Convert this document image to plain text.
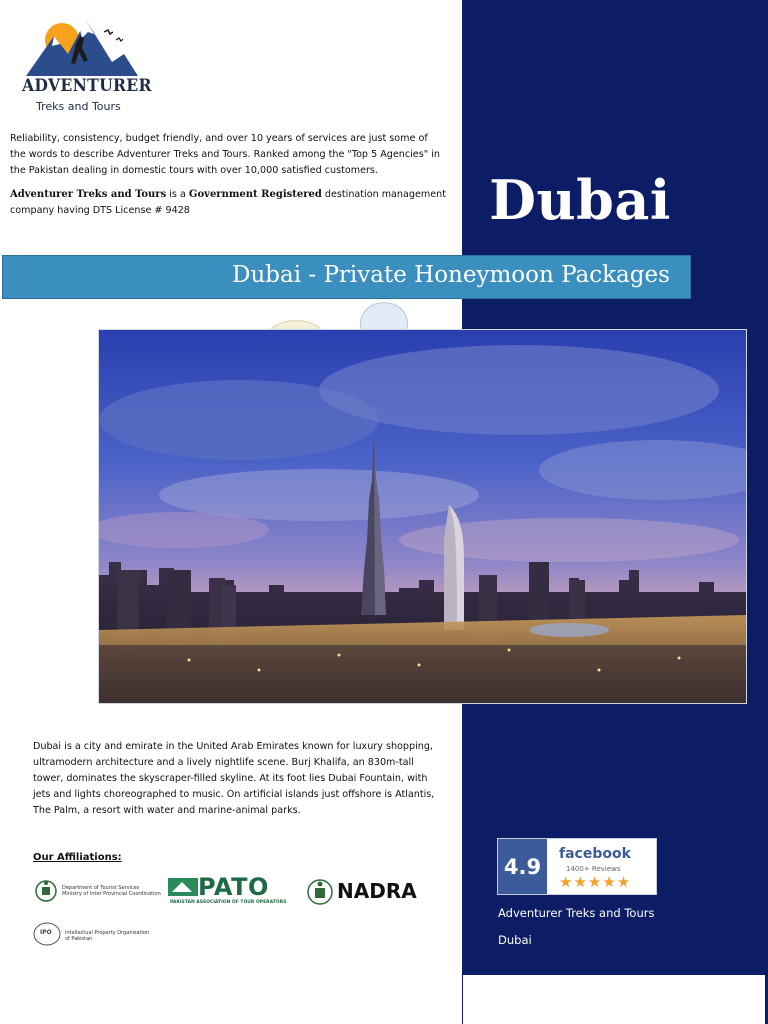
ADVENTURER
Treks and Tours
Reliability, consistency, budget friendly, and over 10 years of services are just some of the words to describe Adventurer Treks and Tours. Ranked among the "Top 5 Agencies" in the Pakistan dealing in domestic tours with over 10,000 satisfied customers.
Adventurer Treks and Tours is a Government Registered destination management company having DTS License # 9428	Dubai
Dubai - Private Honeymoon Packages
Dubai is a city and emirate in the United Arab Emirates known for luxury shopping, ultramodern architecture and a lively nightlife scene. Burj Khalifa, an 830m-tall tower, dominates the skyscraper-filled skyline. At its foot lies Dubai Fountain, with jets and lights choreographed to music. On artificial islands just offshore is Atlantis, The Palm, a resort with water and marine-animal parks.
Our Affiliations:
Department of Tourist Services
Ministry of Inter Provincial Coordination PATO
PAKISTAN ASSOCIATION OF TOUR OPERATORS	NADRA
IPO	Intellectual Property Organization
of Pakistan
4.9
facebook
1400+ Reviews
★★★★★
Adventurer Treks and Tours
Dubai
